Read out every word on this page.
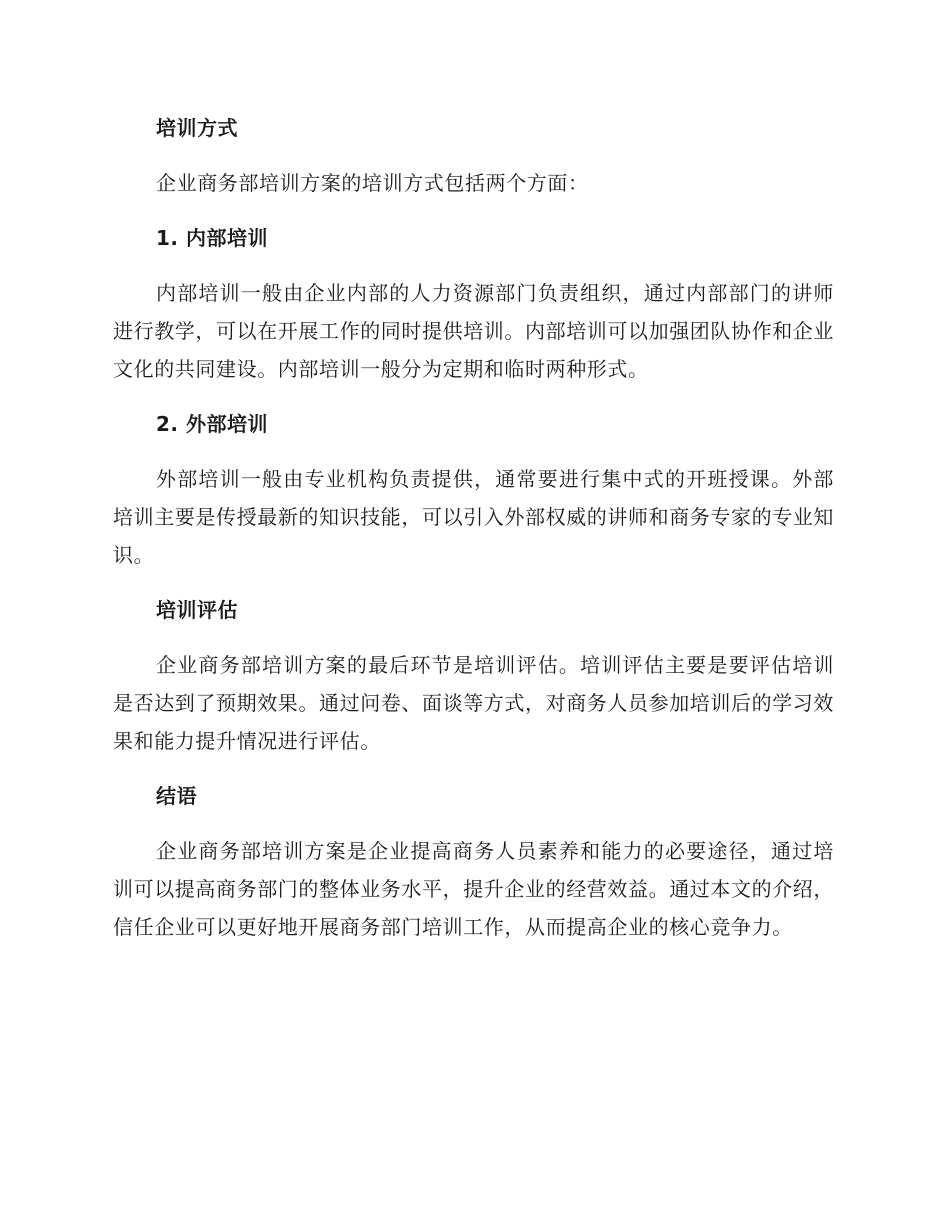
培训方式
企业商务部培训方案的培训方式包括两个方面：
1. 内部培训
内部培训一般由企业内部的人力资源部门负责组织，通过内部部门的讲师进行教学，可以在开展工作的同时提供培训。内部培训可以加强团队协作和企业文化的共同建设。内部培训一般分为定期和临时两种形式。
2. 外部培训
外部培训一般由专业机构负责提供，通常要进行集中式的开班授课。外部培训主要是传授最新的知识技能，可以引入外部权威的讲师和商务专家的专业知识。
培训评估
企业商务部培训方案的最后环节是培训评估。培训评估主要是要评估培训是否达到了预期效果。通过问卷、面谈等方式，对商务人员参加培训后的学习效果和能力提升情况进行评估。
结语
企业商务部培训方案是企业提高商务人员素养和能力的必要途径，通过培训可以提高商务部门的整体业务水平，提升企业的经营效益。通过本文的介绍，信任企业可以更好地开展商务部门培训工作，从而提高企业的核心竞争力。
